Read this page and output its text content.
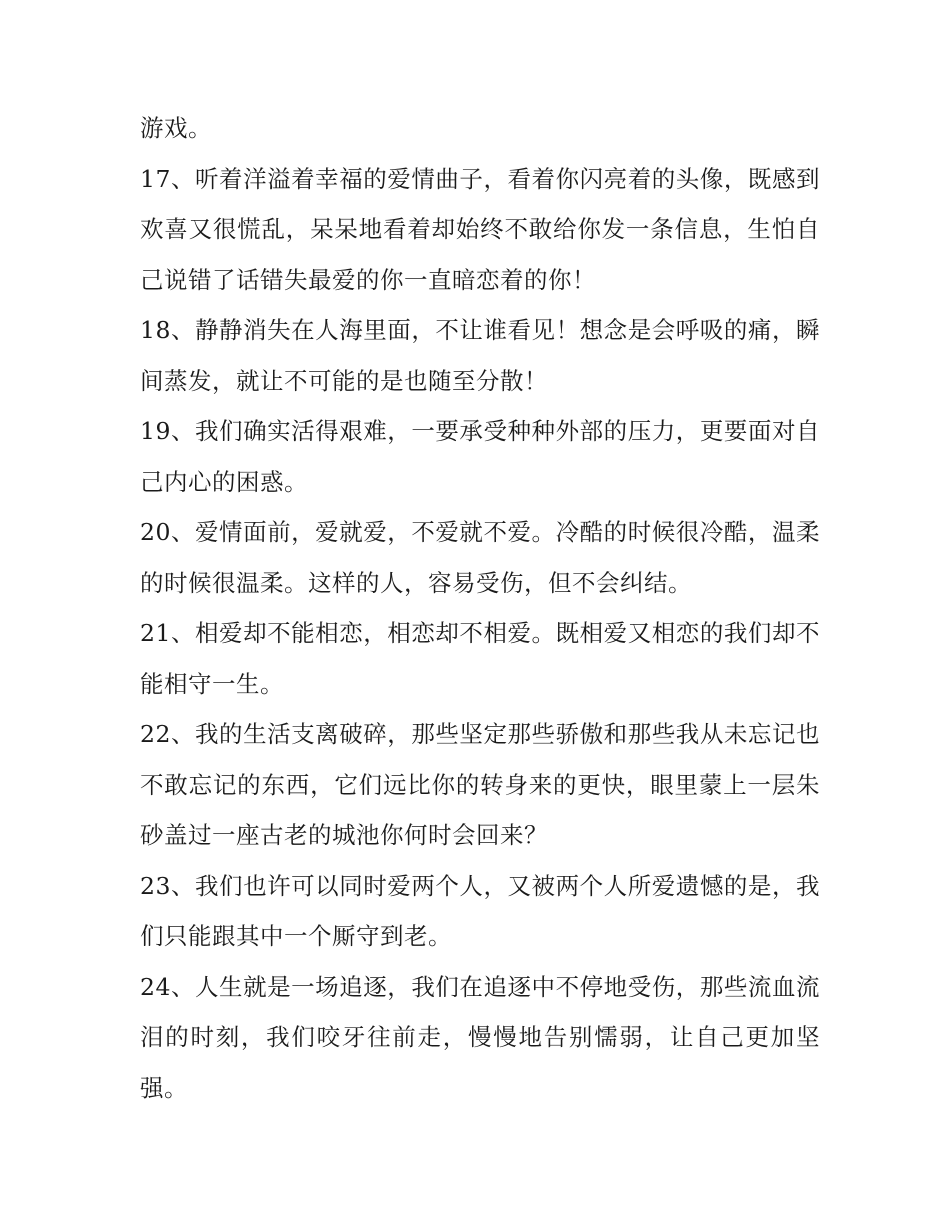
游戏。

17、听着洋溢着幸福的爱情曲子，看着你闪亮着的头像，既感到欢喜又很慌乱，呆呆地看着却始终不敢给你发一条信息，生怕自己说错了话错失最爱的你一直暗恋着的你！

18、静静消失在人海里面，不让谁看见！想念是会呼吸的痛，瞬间蒸发，就让不可能的是也随至分散！

19、我们确实活得艰难，一要承受种种外部的压力，更要面对自己内心的困惑。

20、爱情面前，爱就爱，不爱就不爱。冷酷的时候很冷酷，温柔的时候很温柔。这样的人，容易受伤，但不会纠结。

21、相爱却不能相恋，相恋却不相爱。既相爱又相恋的我们却不能相守一生。

22、我的生活支离破碎，那些坚定那些骄傲和那些我从未忘记也不敢忘记的东西，它们远比你的转身来的更快，眼里蒙上一层朱砂盖过一座古老的城池你何时会回来？

23、我们也许可以同时爱两个人，又被两个人所爱遗憾的是，我们只能跟其中一个厮守到老。

24、人生就是一场追逐，我们在追逐中不停地受伤，那些流血流泪的时刻，我们咬牙往前走，慢慢地告别懦弱，让自己更加坚强。
